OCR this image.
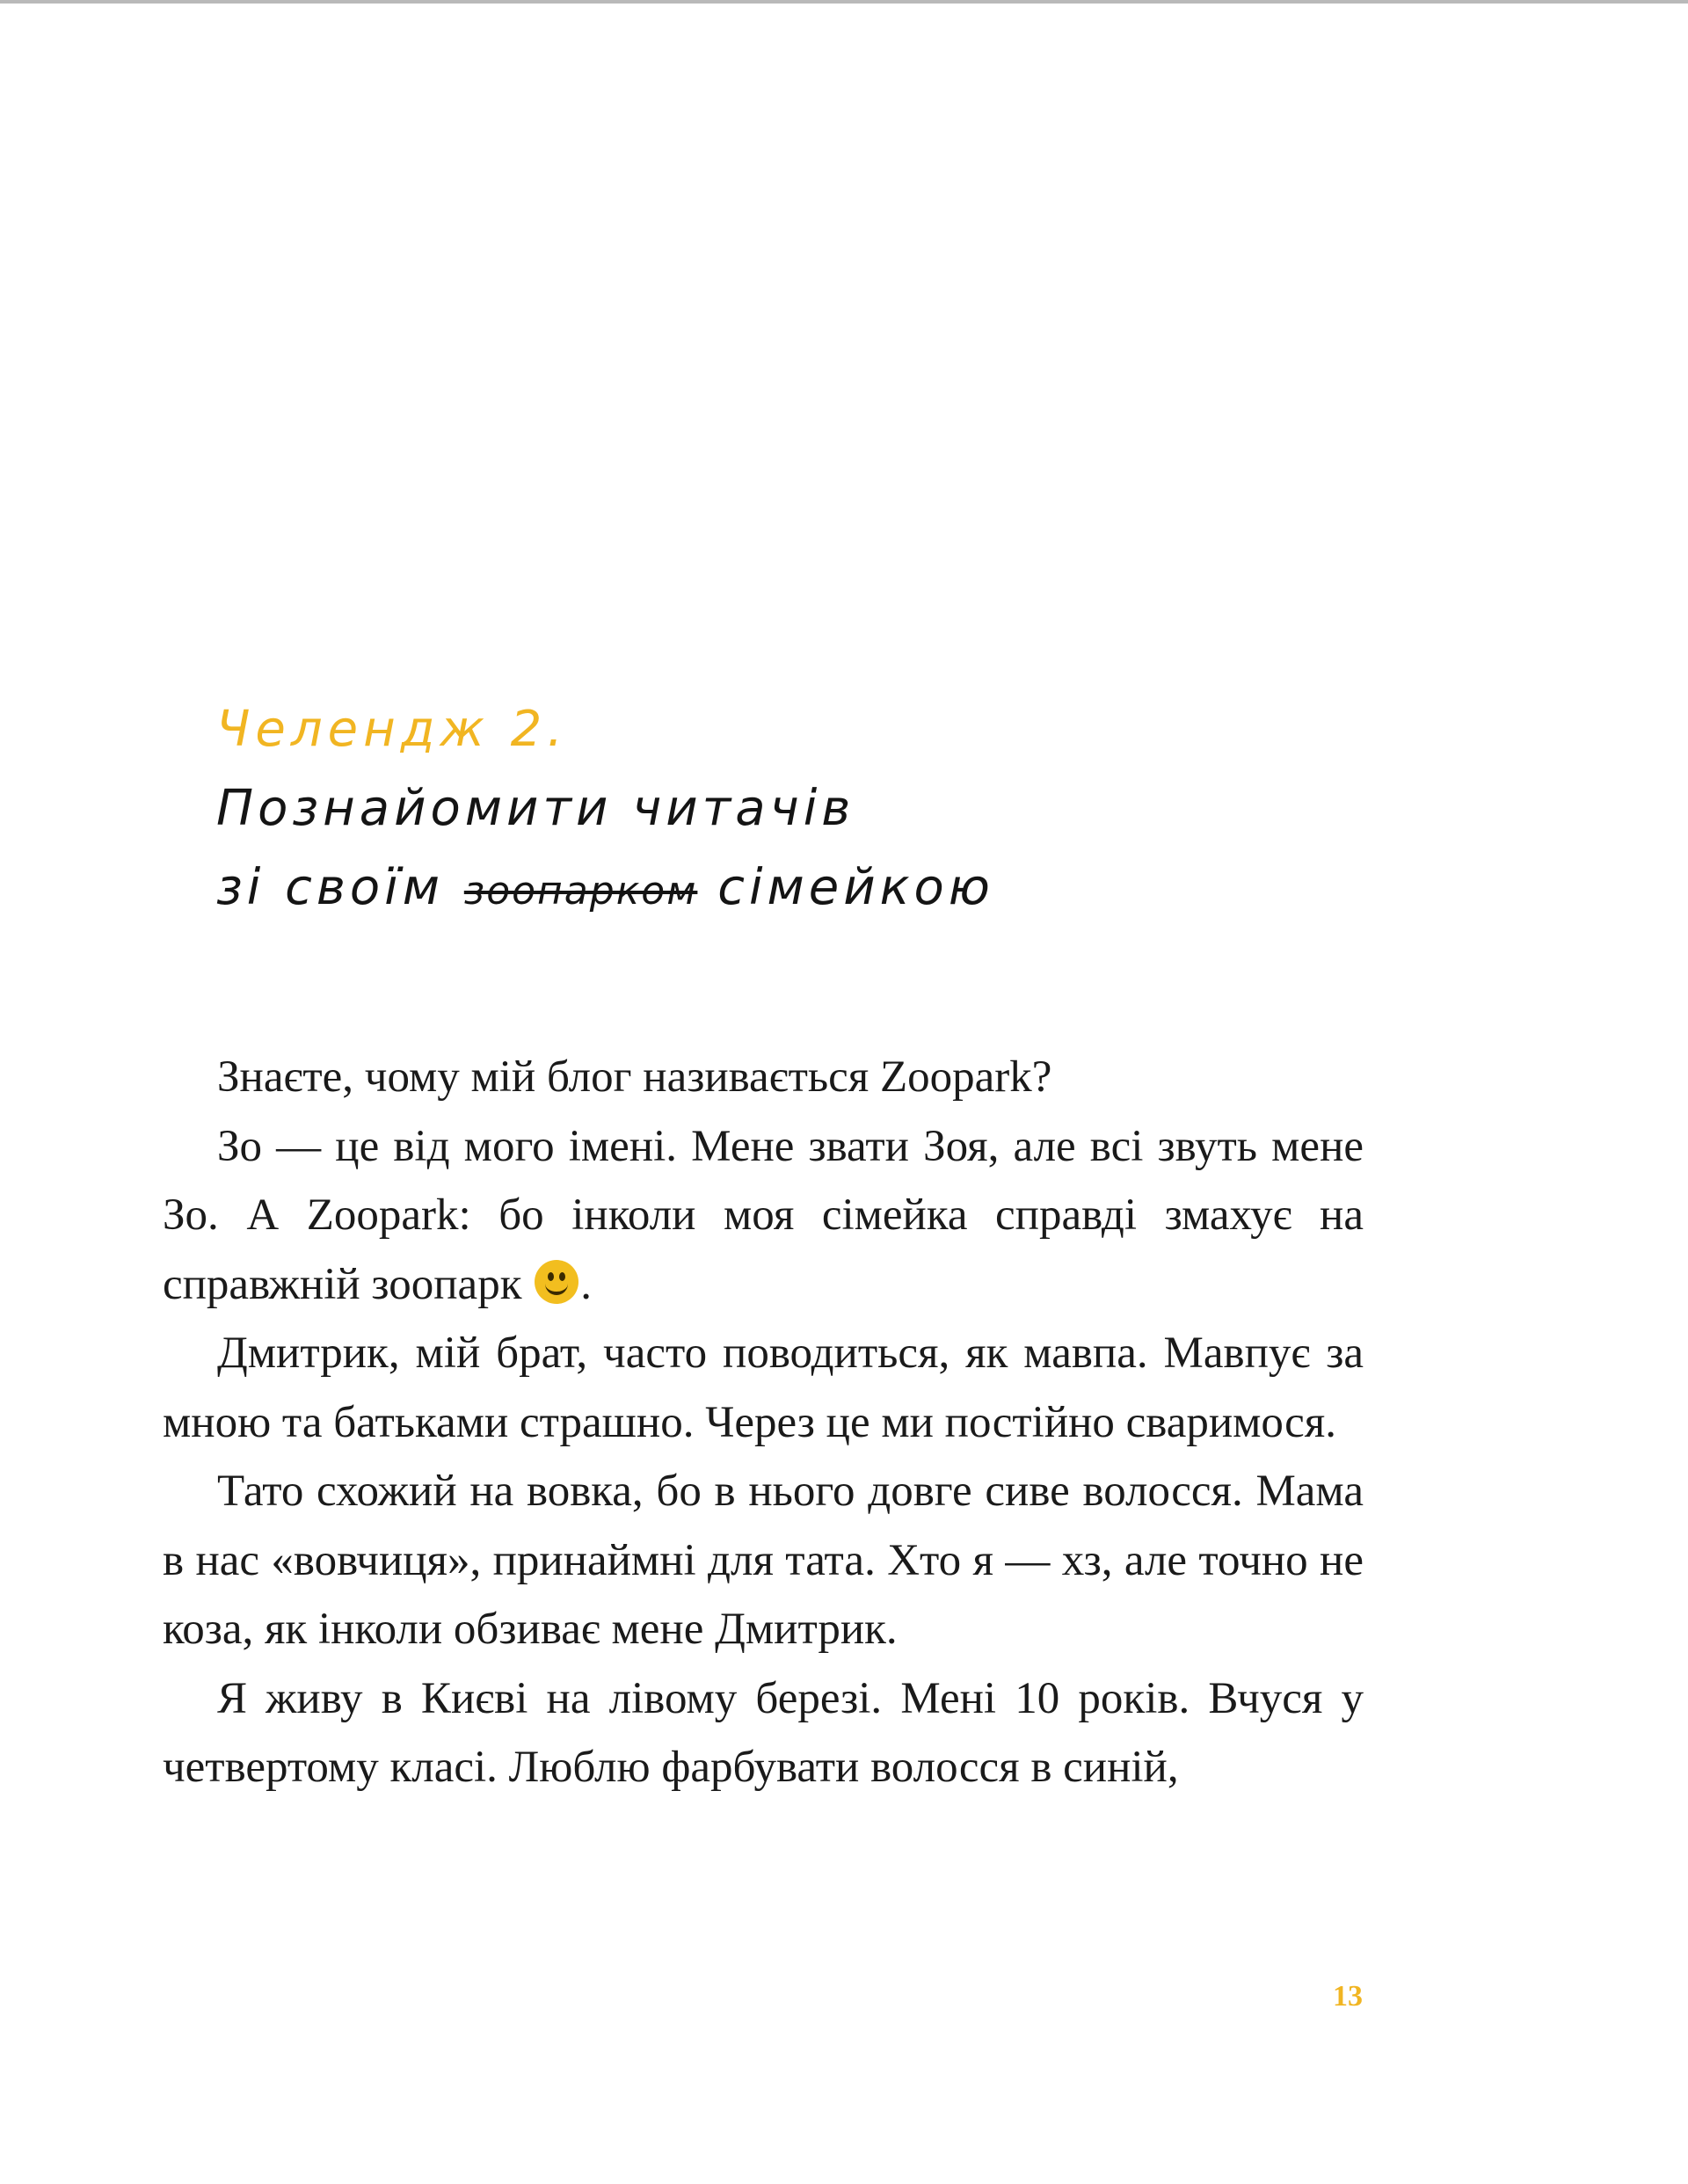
Челендж 2.
Познайомити читачів
зі своїм зоопарком сімейкою

Знаєте, чому мій блог називається Zoopark?

Зо — це від мого імені. Мене звати Зоя, але всі звуть мене Зо. А Zoopark: бо інколи моя сімейка справді змахує на справжній зоопарк .

Дмитрик, мій брат, часто поводиться, як мавпа. Мавпує за мною та батьками страшно. Через це ми постійно сваримося.

Тато схожий на вовка, бо в нього довге сиве волосся. Мама в нас «вовчиця», принаймні для тата. Хто я — хз, але точно не коза, як інколи обзиває мене Дмитрик.

Я живу в Києві на лівому березі. Мені 10 років. Вчуся у четвертому класі. Люблю фарбувати волосся в синій,

13
